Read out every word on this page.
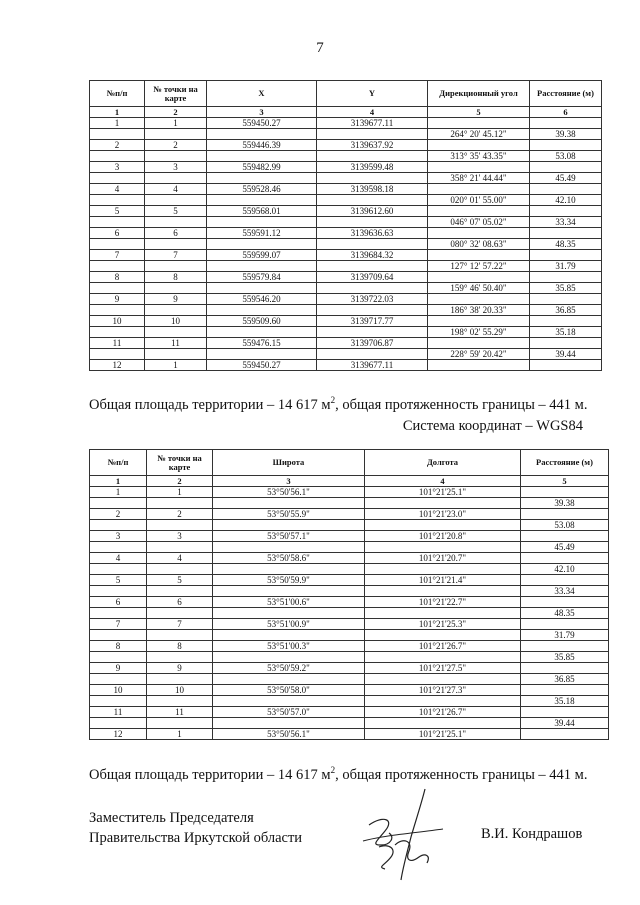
7
№п/п	№ точки на карте	X	Y	Дирекционный угол	Расстояние (м)
1	2	3	4	5	6
1	1	559450.27	3139677.11		
				264° 20' 45.12"	39.38
2	2	559446.39	3139637.92		
				313° 35' 43.35"	53.08
3	3	559482.99	3139599.48		
				358° 21' 44.44"	45.49
4	4	559528.46	3139598.18		
				020° 01' 55.00"	42.10
5	5	559568.01	3139612.60		
				046° 07' 05.02"	33.34
6	6	559591.12	3139636.63		
				080° 32' 08.63"	48.35
7	7	559599.07	3139684.32		
				127° 12' 57.22"	31.79
8	8	559579.84	3139709.64		
				159° 46' 50.40"	35.85
9	9	559546.20	3139722.03		
				186° 38' 20.33"	36.85
10	10	559509.60	3139717.77		
				198° 02' 55.29"	35.18
11	11	559476.15	3139706.87		
				228° 59' 20.42"	39.44
12	1	559450.27	3139677.11		
Общая площадь территории – 14 617 $м^2$, общая протяженность границы – 441 м.
Система координат – WGS84
№п/п	№ точки на карте	Широта	Долгота	Расстояние (м)
1	2	3	4	5
1	1	53°50'56.1"	101°21'25.1"	
				39.38
2	2	53°50'55.9"	101°21'23.0"	
				53.08
3	3	53°50'57.1"	101°21'20.8"	
				45.49
4	4	53°50'58.6"	101°21'20.7"	
				42.10
5	5	53°50'59.9"	101°21'21.4"	
				33.34
6	6	53°51'00.6"	101°21'22.7"	
				48.35
7	7	53°51'00.9"	101°21'25.3"	
				31.79
8	8	53°51'00.3"	101°21'26.7"	
				35.85
9	9	53°50'59.2"	101°21'27.5"	
				36.85
10	10	53°50'58.0"	101°21'27.3"	
				35.18
11	11	53°50'57.0"	101°21'26.7"	
				39.44
12	1	53°50'56.1"	101°21'25.1"	
Общая площадь территории – 14 617 $м^2$, общая протяженность границы – 441 м.
Заместитель Председателя
Правительства Иркутской области	В.И. Кондрашов
